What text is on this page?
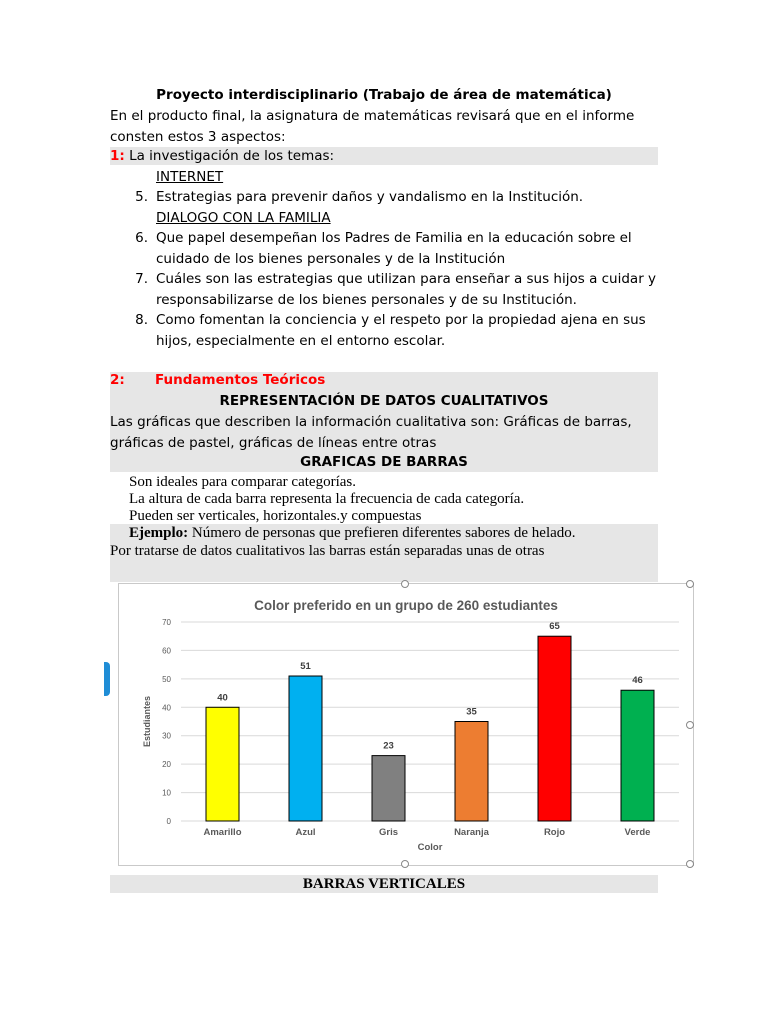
Proyecto interdisciplinario (Trabajo de área de matemática)
En el producto final, la asignatura de matemáticas revisará que en el informe consten estos 3 aspectos:
1: La investigación de los temas:
INTERNET
5. Estrategias para prevenir daños y vandalismo en la Institución.
DIALOGO CON LA FAMILIA
6. Que papel desempeñan los Padres de Familia en la educación sobre el cuidado de los bienes personales y de la Institución
7. Cuáles son las estrategias que utilizan para enseñar a sus hijos a cuidar y responsabilizarse de los bienes personales y de su Institución.
8. Como fomentan la conciencia y el respeto por la propiedad ajena en sus hijos, especialmente en el entorno escolar.
2: Fundamentos Teóricos
REPRESENTACIÓN DE DATOS CUALITATIVOS
Las gráficas que describen la información cualitativa son: Gráficas de barras, gráficas de pastel, gráficas de líneas entre otras
GRAFICAS DE BARRAS
Son ideales para comparar categorías.
La altura de cada barra representa la frecuencia de cada categoría.
Pueden ser verticales, horizontales.y compuestas
Ejemplo: Número de personas que prefieren diferentes sabores de helado.
Por tratarse de datos cualitativos las barras están separadas unas de otras
Color preferido en un grupo de 260 estudiantes
0
10
20
30
40
50
60
70
Estudiantes	40
Amarillo
51
Azul
23
Gris
35
Naranja
65
Rojo
46
Verde
Color
BARRAS VERTICALES
